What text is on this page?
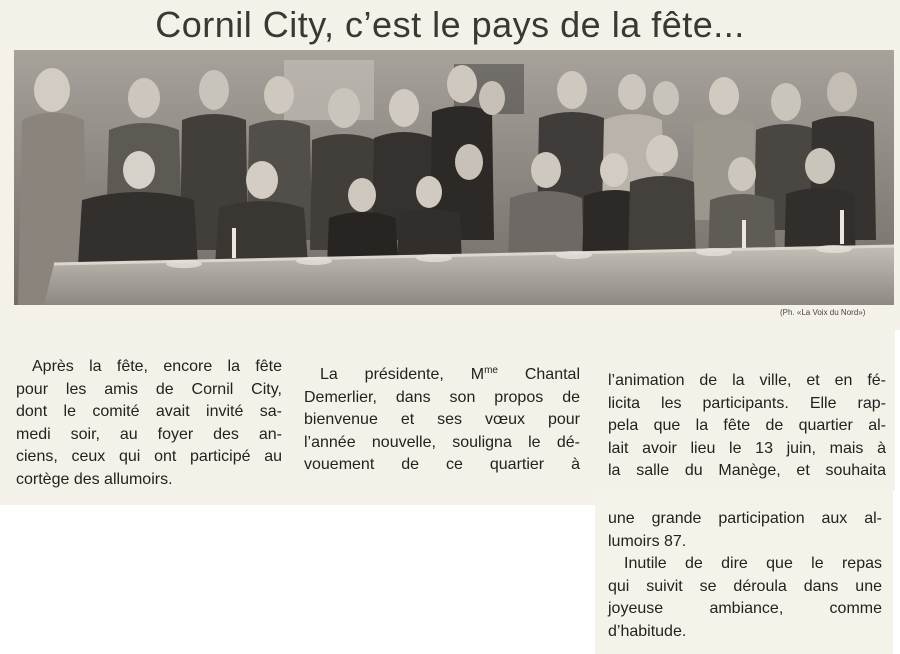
Cornil City, c’est le pays de la fête...
(Ph. «La Voix du Nord»)
Après la fête, encore la fête
pour les amis de Cornil City,
dont le comité avait invité sa-
medi soir, au foyer des an-
ciens, ceux qui ont participé au
cortège des allumoirs.
La présidente, $M^{me}$ Chantal
Demerlier, dans son propos de
bienvenue et ses vœux pour
l’année nouvelle, souligna le dé-
vouement de ce quartier à
l’animation de la ville, et en fé-
licita les participants. Elle rap-
pela que la fête de quartier al-
lait avoir lieu le 13 juin, mais à
la salle du Manège, et souhaita
une grande participation aux al-
lumoirs 87.
Inutile de dire que le repas
qui suivit se déroula dans une
joyeuse ambiance, comme
d’habitude.
